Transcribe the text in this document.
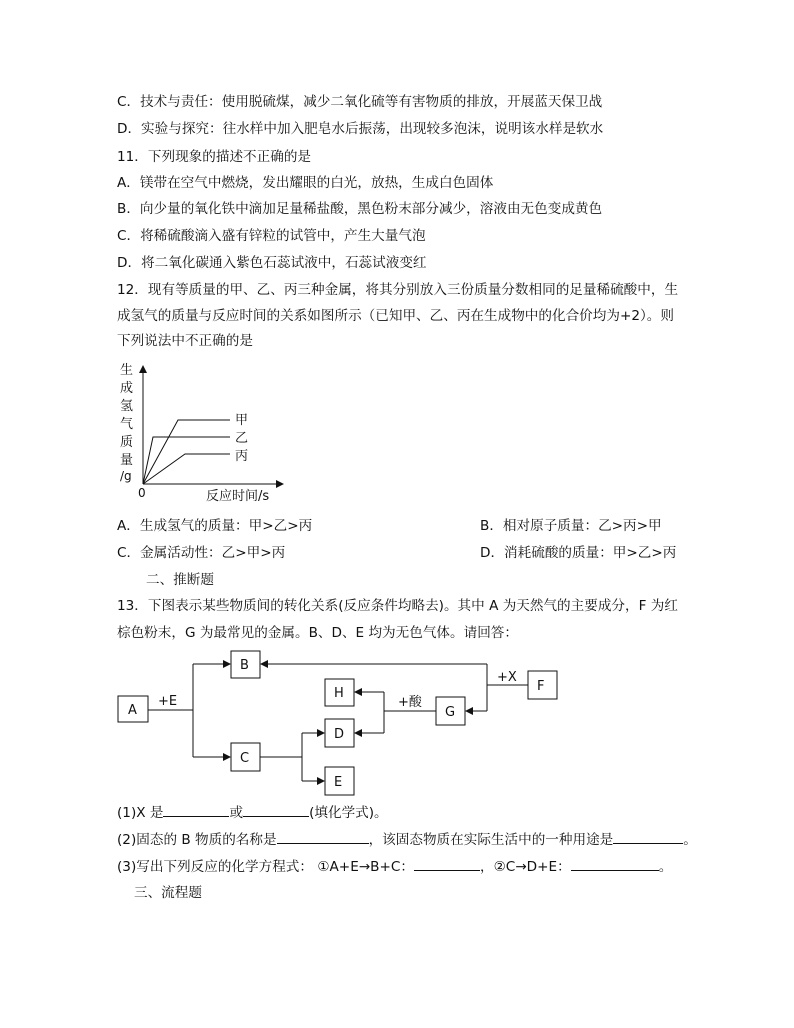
C．技术与责任：使用脱硫煤，减少二氧化硫等有害物质的排放，开展蓝天保卫战
D．实验与探究：往水样中加入肥皂水后振荡，出现较多泡沫，说明该水样是软水
11．下列现象的描述不正确的是
A．镁带在空气中燃烧，发出耀眼的白光，放热，生成白色固体
B．向少量的氧化铁中滴加足量稀盐酸，黑色粉末部分减少，溶液由无色变成黄色
C．将稀硫酸滴入盛有锌粒的试管中，产生大量气泡
D．将二氧化碳通入紫色石蕊试液中，石蕊试液变红
12．现有等质量的甲、乙、丙三种金属，将其分别放入三份质量分数相同的足量稀硫酸中，生
成氢气的质量与反应时间的关系如图所示（已知甲、乙、丙在生成物中的化合价均为+2）。则
下列说法中不正确的是
生
成
氢
气
质
量
/g
0	反应时间/s
甲
乙
丙
A．生成氢气的质量：甲>乙>丙	B．相对原子质量：乙>丙>甲
C．金属活动性：乙>甲>丙	D．消耗硫酸的质量：甲>乙>丙
二、推断题
13．下图表示某些物质间的转化关系(反应条件均略去)。其中 A 为天然气的主要成分，F 为红
棕色粉末，G 为最常见的金属。B、D、E 均为无色气体。请回答：
A
B
C
H
D
E
G
F
+E	+酸
+X
(1)X 是	或	(填化学式)。
(2)固态的 B 物质的名称是	，该固态物质在实际生活中的一种用途是	。
(3)写出下列反应的化学方程式： ①A+E→B+C：	，②C→D+E：	。
三、流程题
